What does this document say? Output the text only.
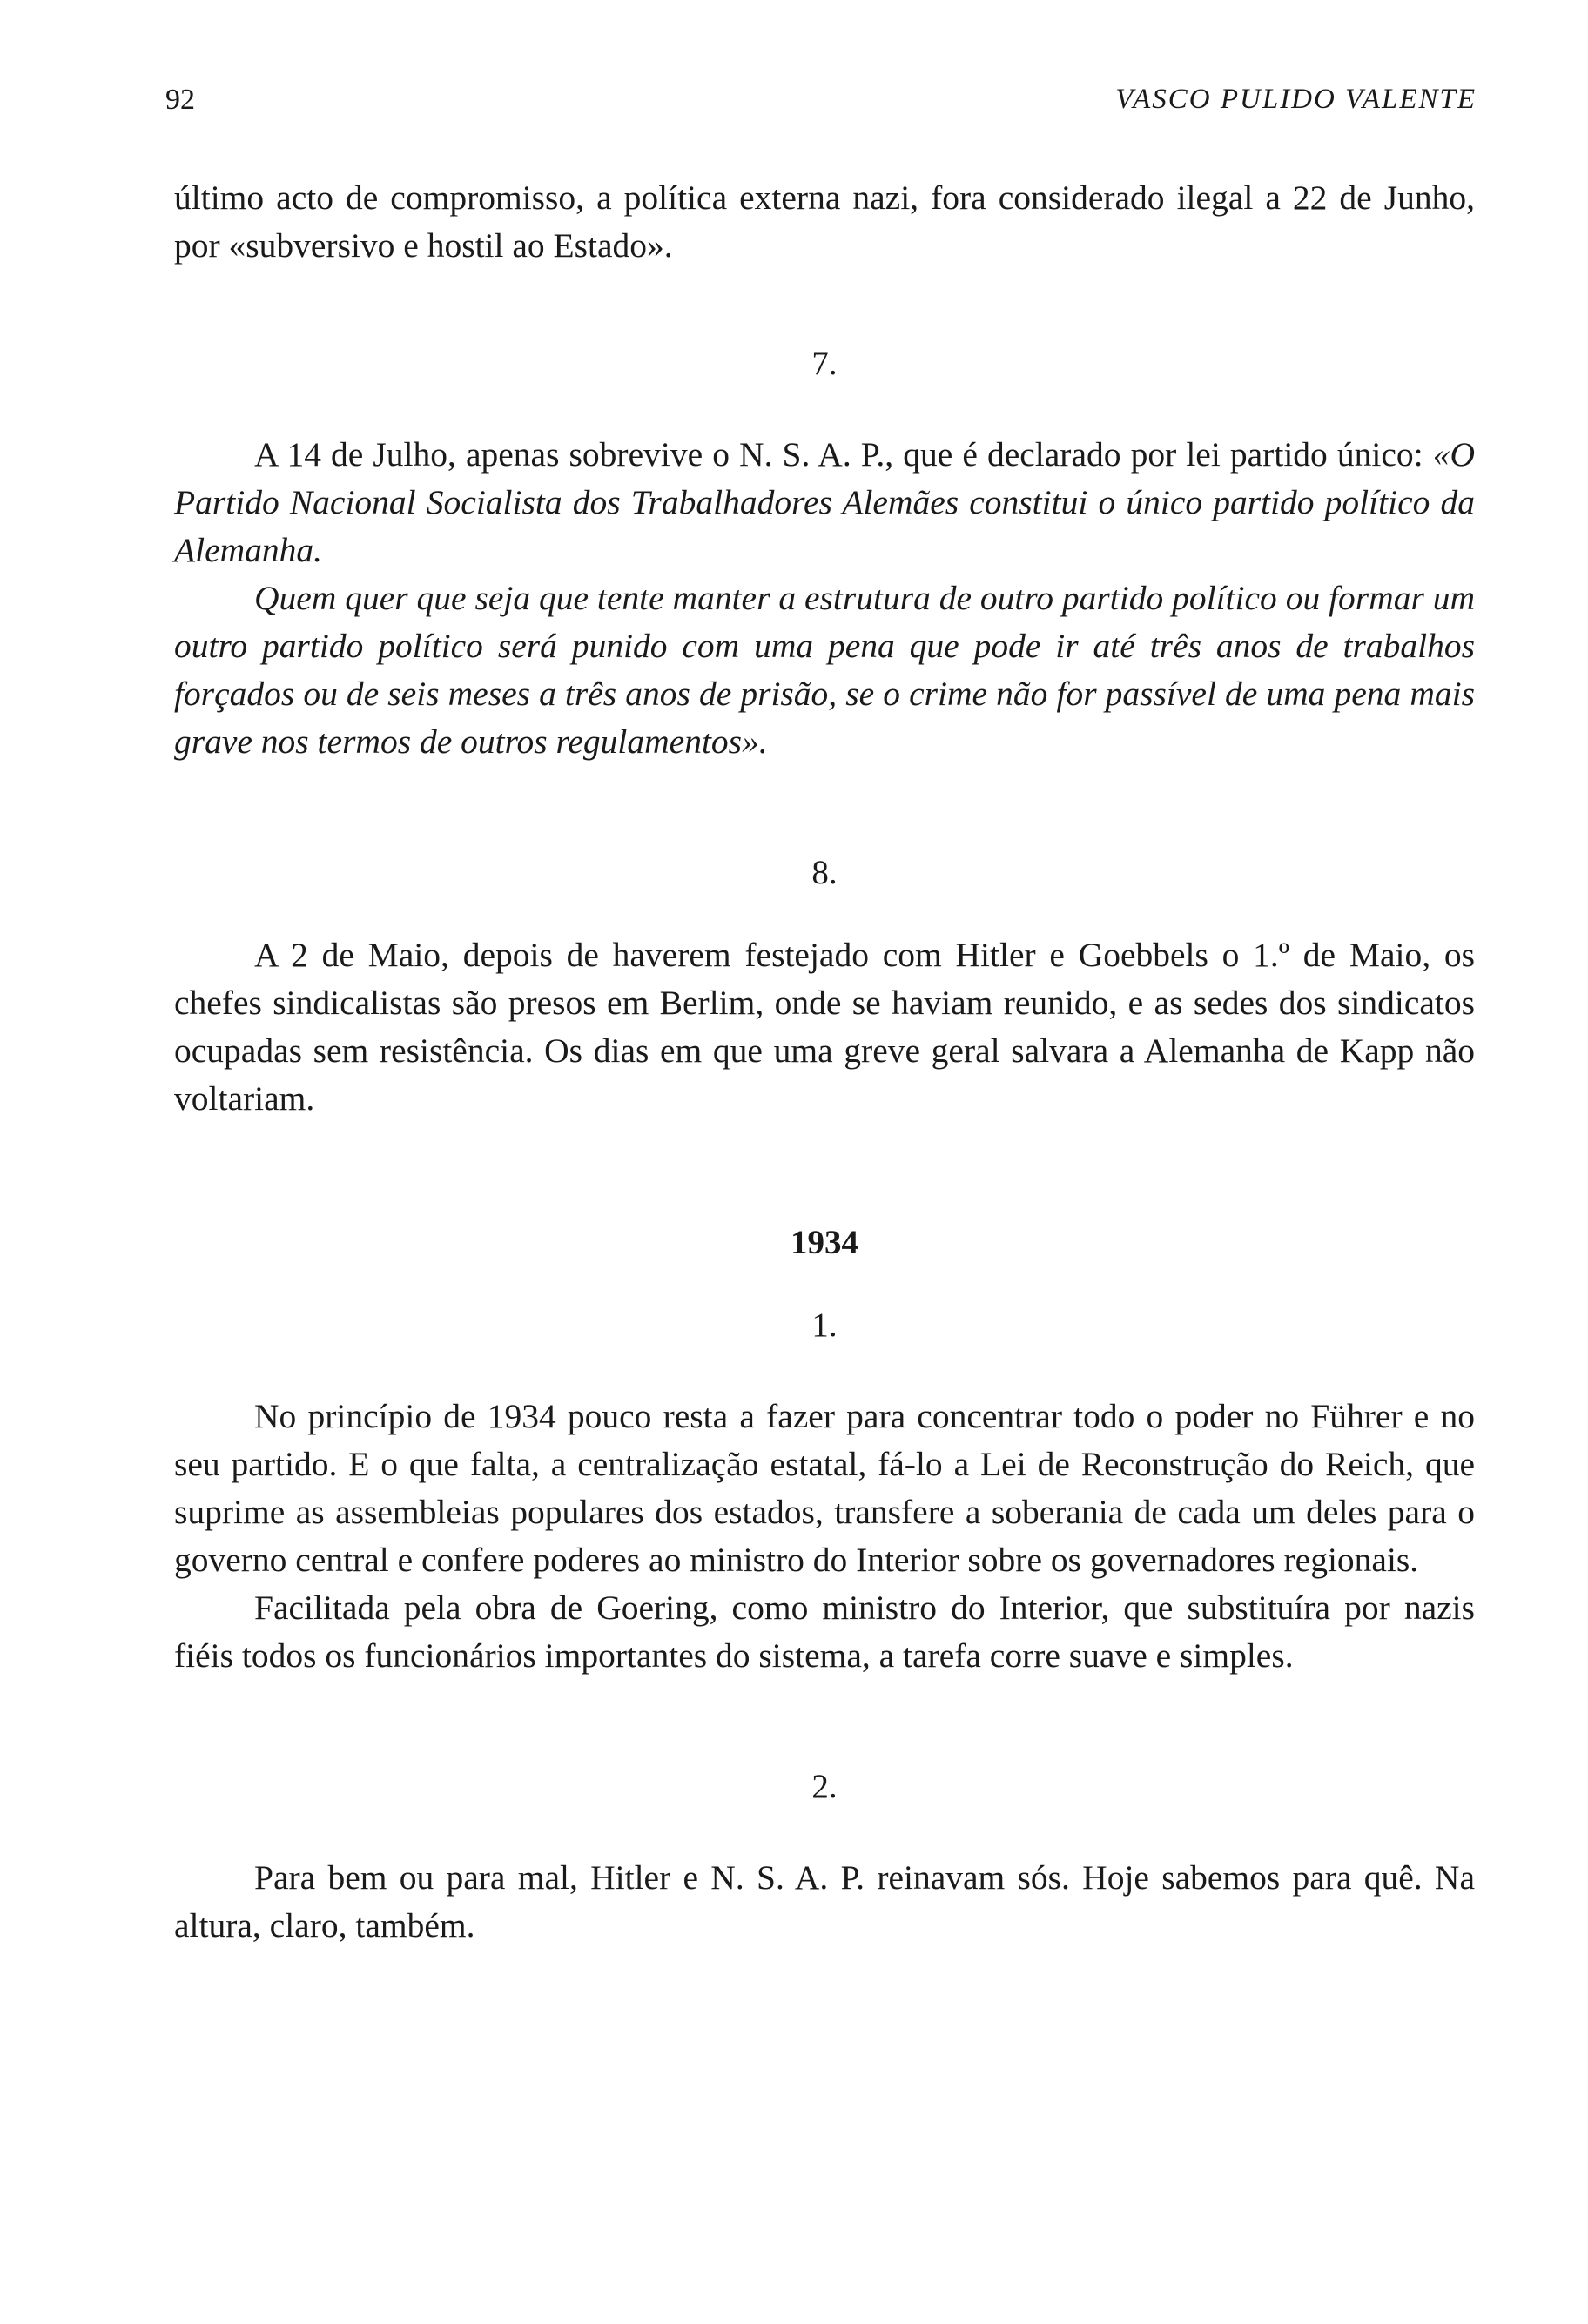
92	VASCO PULIDO VALENTE

último acto de compromisso, a política externa nazi, fora considerado ilegal a 22 de Junho, por «subversivo e hostil ao Estado».

7.

A 14 de Julho, apenas sobrevive o N. S. A. P., que é declarado por lei partido único: «O Partido Nacional Socialista dos Trabalhadores Alemães constitui o único partido político da Alemanha.

Quem quer que seja que tente manter a estrutura de outro partido político ou formar um outro partido político será punido com uma pena que pode ir até três anos de trabalhos forçados ou de seis meses a três anos de prisão, se o crime não for passível de uma pena mais grave nos termos de outros regulamentos».

8.

A 2 de Maio, depois de haverem festejado com Hitler e Goebbels o 1.º de Maio, os chefes sindicalistas são presos em Berlim, onde se haviam reunido, e as sedes dos sindicatos ocupadas sem resistência. Os dias em que uma greve geral salvara a Alemanha de Kapp não voltariam.

1934

1.

No princípio de 1934 pouco resta a fazer para concentrar todo o poder no Führer e no seu partido. E o que falta, a centralização estatal, fá-lo a Lei de Reconstrução do Reich, que suprime as assembleias populares dos estados, transfere a soberania de cada um deles para o governo central e confere poderes ao ministro do Interior sobre os governadores regionais.

Facilitada pela obra de Goering, como ministro do Interior, que substituíra por nazis fiéis todos os funcionários importantes do sistema, a tarefa corre suave e simples.

2.

Para bem ou para mal, Hitler e N. S. A. P. reinavam sós. Hoje sabemos para quê. Na altura, claro, também.
